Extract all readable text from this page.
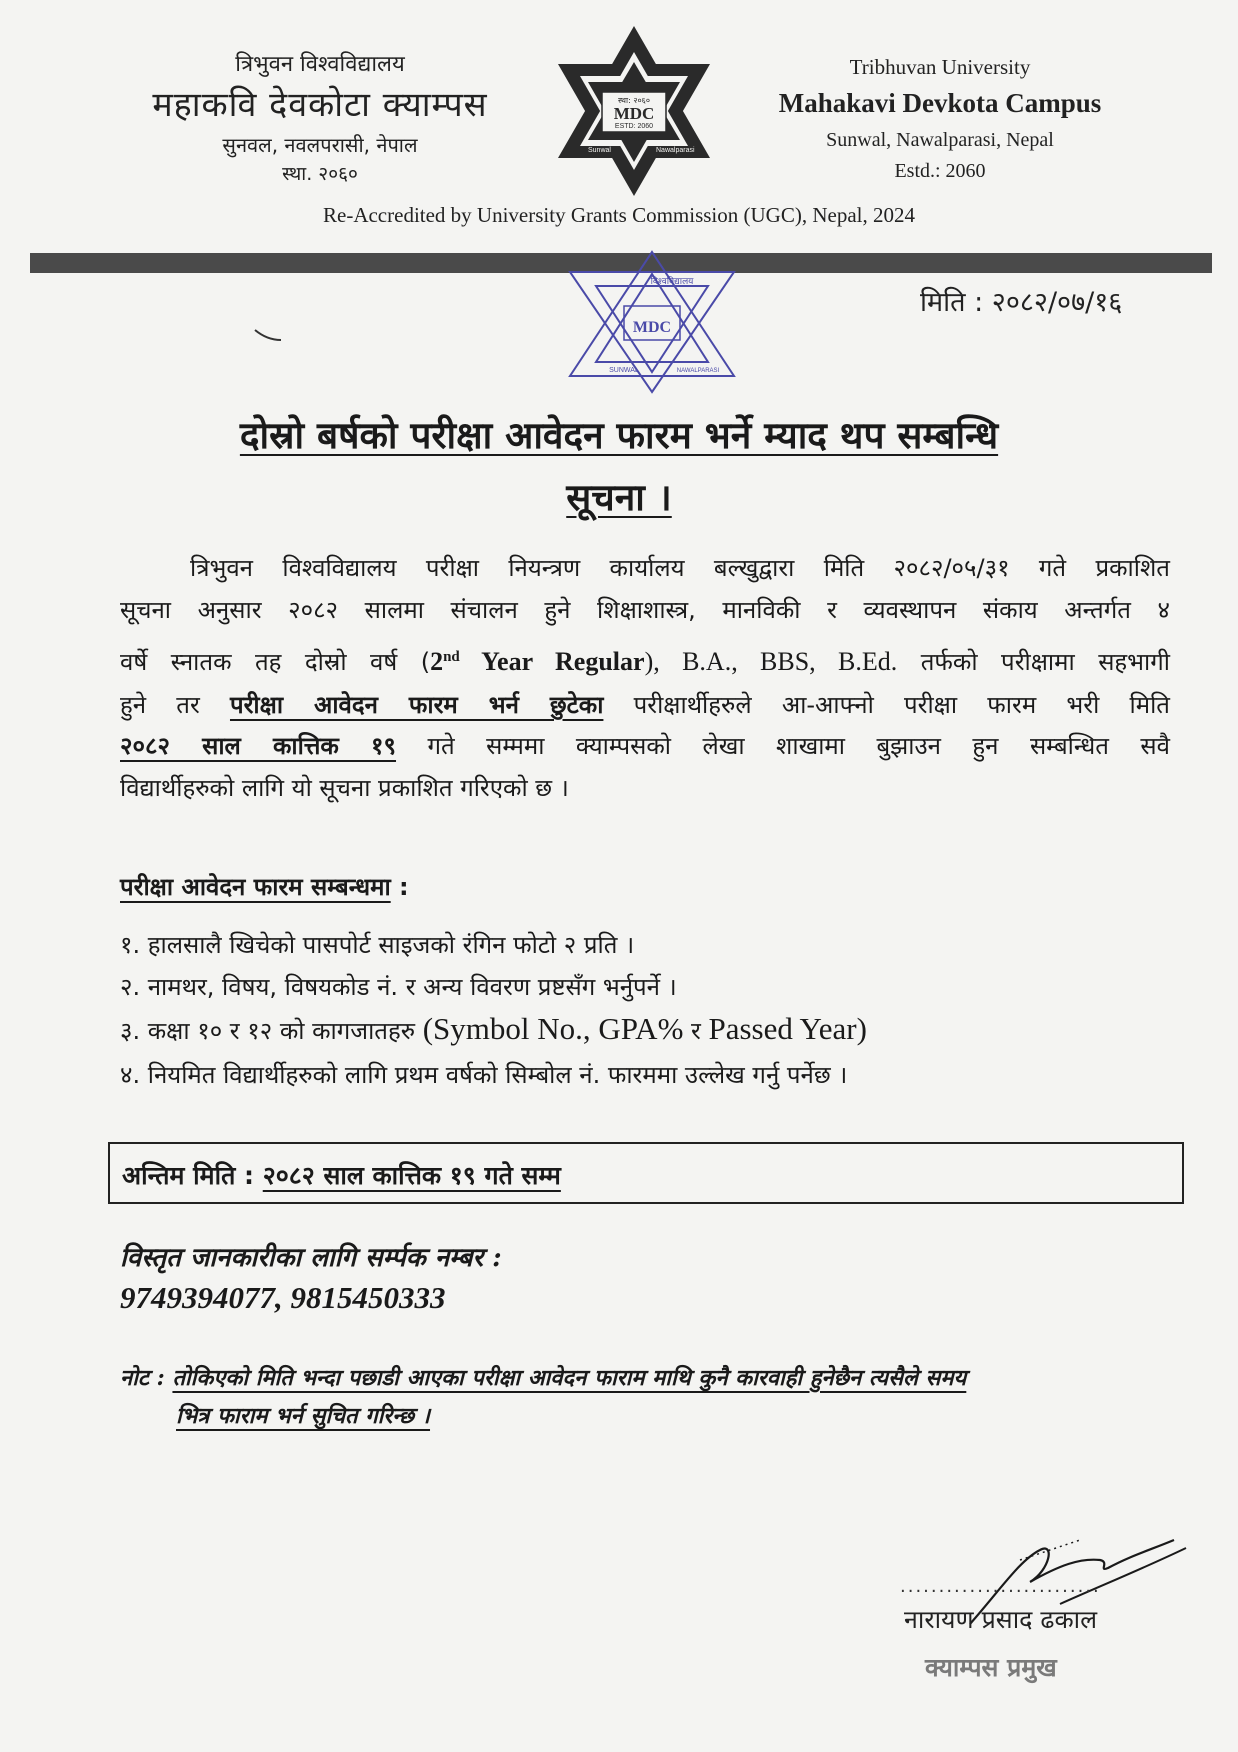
त्रिभुवन विश्वविद्यालय
महाकवि देवकोटा क्याम्पस
सुनवल, नवलपरासी, नेपाल
स्था. २०६०
स्था: २०६०
MDC
ESTD: 2060
Sunwal	Nawalparasi
Tribhuvan University
Mahakavi Devkota Campus
Sunwal, Nawalparasi, Nepal
Estd.: 2060
Re-Accredited by University Grants Commission (UGC), Nepal, 2024
MDC
विश्वविद्यालय
SUNWAL	NAWALPARASI
मिति : २०८२/०७/१६
दोस्रो बर्षको परीक्षा आवेदन फारम भर्ने म्याद थप सम्बन्धि
सूचना ।
त्रिभुवन विश्वविद्यालय परीक्षा नियन्त्रण कार्यालय बल्खुद्वारा मिति २०८२/०५/३१ गते प्रकाशित
सूचना अनुसार २०८२ सालमा संचालन हुने शिक्षाशास्त्र, मानविकी र व्यवस्थापन संकाय अन्तर्गत ४
वर्षे स्नातक तह दोस्रो वर्ष (2nd Year Regular), B.A., BBS, B.Ed. तर्फको परीक्षामा सहभागी
हुने तर परीक्षा आवेदन फारम भर्न छुटेका परीक्षार्थीहरुले आ-आफ्नो परीक्षा फारम भरी मिति
२०८२ साल कात्तिक १९ गते सम्ममा क्याम्पसको लेखा शाखामा बुझाउन हुन सम्बन्धित सवै
विद्यार्थीहरुको लागि यो सूचना प्रकाशित गरिएको छ ।
परीक्षा आवेदन फारम सम्बन्धमा :
१. हालसालै खिचेको पासपोर्ट साइजको रंगिन फोटो २ प्रति ।
२. नामथर, विषय, विषयकोड नं. र अन्य विवरण प्रष्टसँग भर्नुपर्ने ।
३. कक्षा १० र १२ को कागजातहरु (Symbol No., GPA% र Passed Year)
४. नियमित विद्यार्थीहरुको लागि प्रथम वर्षको सिम्बोल नं. फारममा उल्लेख गर्नु पर्नेछ ।
अन्तिम मिति : २०८२ साल कात्तिक १९ गते सम्म
विस्तृत जानकारीका लागि सर्म्पक नम्बर :
9749394077, 9815450333
नोट : तोकिएको मिति भन्दा पछाडी आएका परीक्षा आवेदन फाराम माथि कुनै कारवाही हुनेछैन त्यसैले समय
भित्र फाराम भर्न सुचित गरिन्छ ।
..........................
नारायण प्रसाद ढकाल
क्याम्पस प्रमुख
